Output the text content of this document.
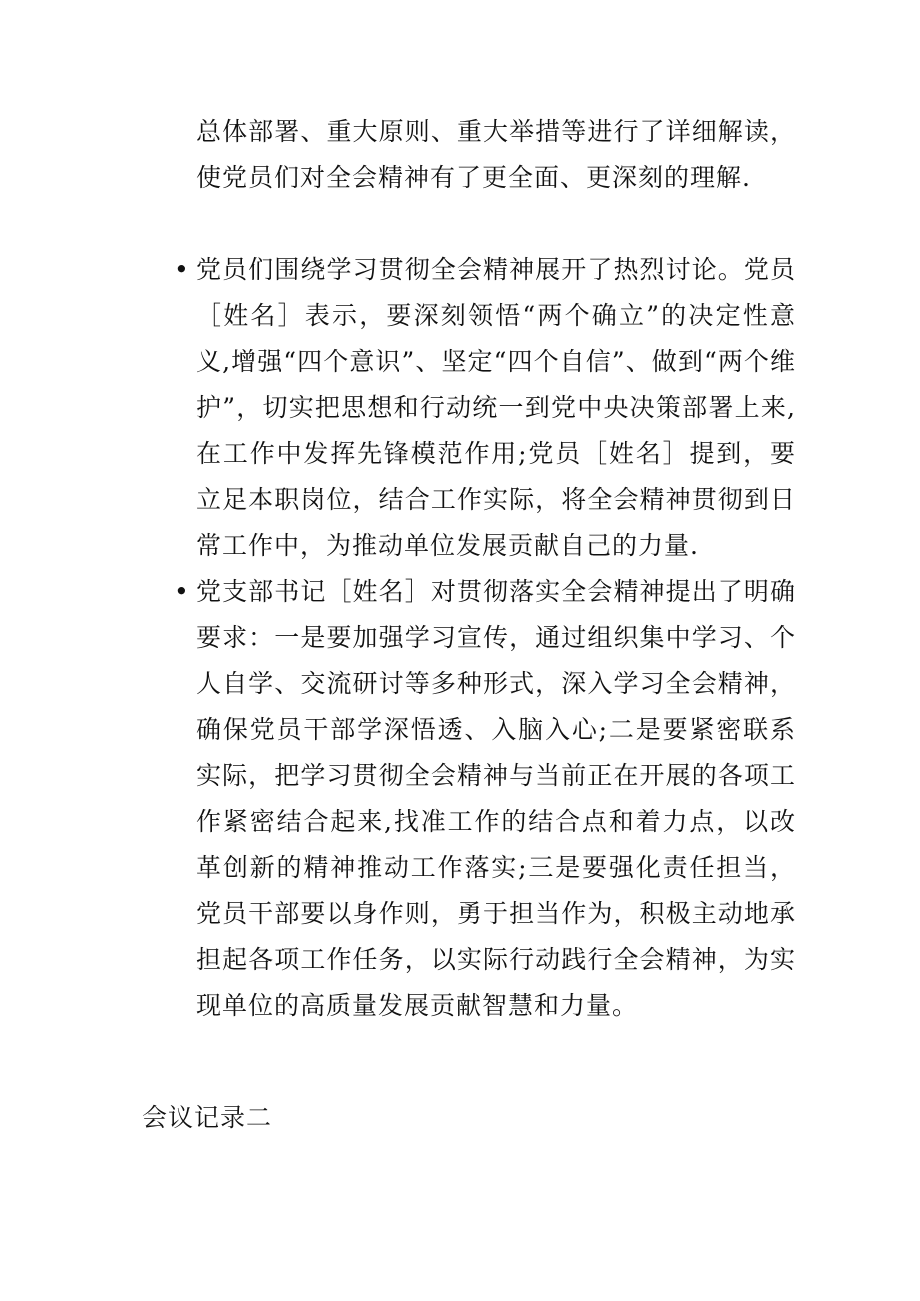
总体部署、重大原则、重大举措等进行了详细解读，使党员们对全会精神有了更全面、更深刻的理解.

• 党员们围绕学习贯彻全会精神展开了热烈讨论。党员［姓名］表示，要深刻领悟“两个确立”的决定性意义,增强“四个意识”、坚定“四个自信”、做到“两个维护”，切实把思想和行动统一到党中央决策部署上来,在工作中发挥先锋模范作用;党员［姓名］提到，要立足本职岗位，结合工作实际，将全会精神贯彻到日常工作中，为推动单位发展贡献自己的力量.
• 党支部书记［姓名］对贯彻落实全会精神提出了明确要求：一是要加强学习宣传，通过组织集中学习、个人自学、交流研讨等多种形式，深入学习全会精神，确保党员干部学深悟透、入脑入心;二是要紧密联系实际，把学习贯彻全会精神与当前正在开展的各项工作紧密结合起来,找准工作的结合点和着力点，以改革创新的精神推动工作落实;三是要强化责任担当，党员干部要以身作则，勇于担当作为，积极主动地承担起各项工作任务，以实际行动践行全会精神，为实现单位的高质量发展贡献智慧和力量。
会议记录二
